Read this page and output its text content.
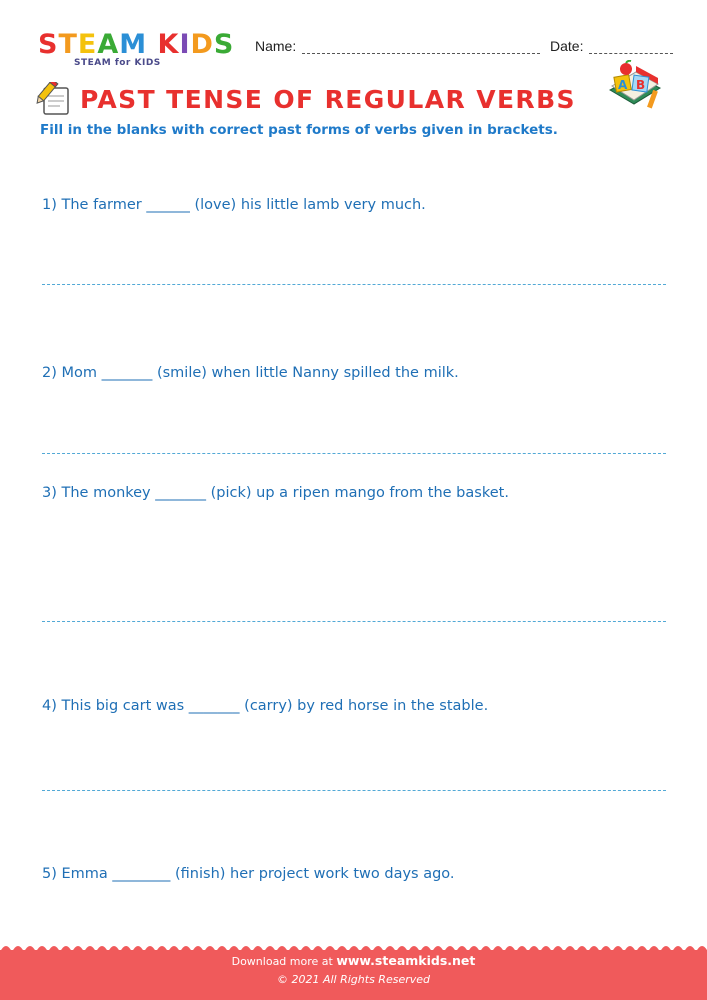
STEAM KIDS
STEAM for KIDS
Name:	Date:
PAST TENSE OF REGULAR VERBS	A B
Fill in the blanks with correct past forms of verbs given in brackets.
1) The farmer ______ (love) his little lamb very much.
2) Mom _______ (smile) when little Nanny spilled the milk.
3) The monkey _______ (pick) up a ripen mango from the basket.
4) This big cart was _______ (carry) by red horse in the stable.
5) Emma ________ (finish) her project work two days ago.
Download more at www.steamkids.net
© 2021 All Rights Reserved
